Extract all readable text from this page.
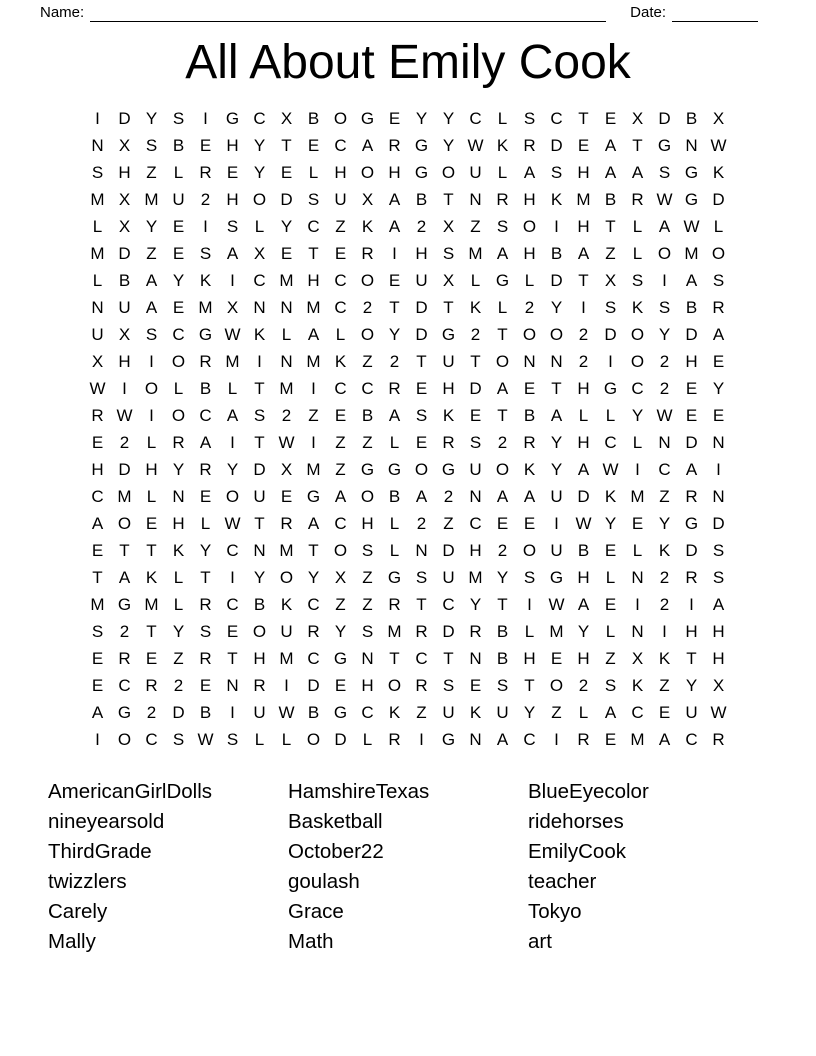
Name:	Date:
All About Emily Cook
I	D Y S	I	G C X B O G E Y Y C L S C T E X D B X
N X S B E H Y T E C A R G Y W K R D E A T G N W
S H Z	L R E Y E L H O H G O U L A S H A A S G K
M X M U 2 H O D S U X A B T N R H K M B R W G D
L X Y E	I	S L Y C Z K A 2 X Z S O	I	H T	L A W L
M D Z E S A X E T E R	I	H S M A H B A Z	L O M O
L B A Y K	I	C M H C O E U X L G L D T X S	I	A S
N U A E M X N N M C 2	T D T K L	2 Y	I	S K S B R
U X S C G W K L A L O Y D G 2	T O O 2 D O Y D A
X H	I	O R M	I	N M K Z	2	T U T O N N 2	I	O 2 H E
W I	O L B L	T M	I	C C R E H D A E T H G C 2 E Y
R W I	O C A S 2	Z E B A S K E T B A L	L Y W E E
E 2	L R A	I	T W I	Z Z	L E R S 2 R Y H C L N D N
H D H Y R Y D X M Z G G O G U O K Y A W I	C A	I
C M L N E O U E G A O B A 2 N A A U D K M Z R N
A O E H L W T R A C H L	2	Z C E E	I W Y E Y G D
E T T K Y C N M T O S L N D H 2 O U B E L K D S
T A K L	T	I	Y O Y X Z G S U M Y S G H L N 2 R S
M G M L R C B K C Z Z R T C Y T	I W A E	I	2	I	A
S 2	T Y S E O U R Y S M R D R B L M Y L N	I	H H
E R E Z R T H M C G N T C T N B H E H Z X K T H
E C R 2 E N R	I	D E H O R S E S T O 2 S K Z Y X
A G 2 D B	I	U W B G C K Z U K U Y Z	L A C E U W
I	O C S W S L	L O D L R	I	G N A C	I	R E M A C R
AmericanGirlDolls
nineyearsold
ThirdGrade
twizzlers
Carely
Mally
HamshireTexas
Basketball
October22
goulash
Grace
Math
BlueEyecolor
ridehorses
EmilyCook
teacher
Tokyo
art
